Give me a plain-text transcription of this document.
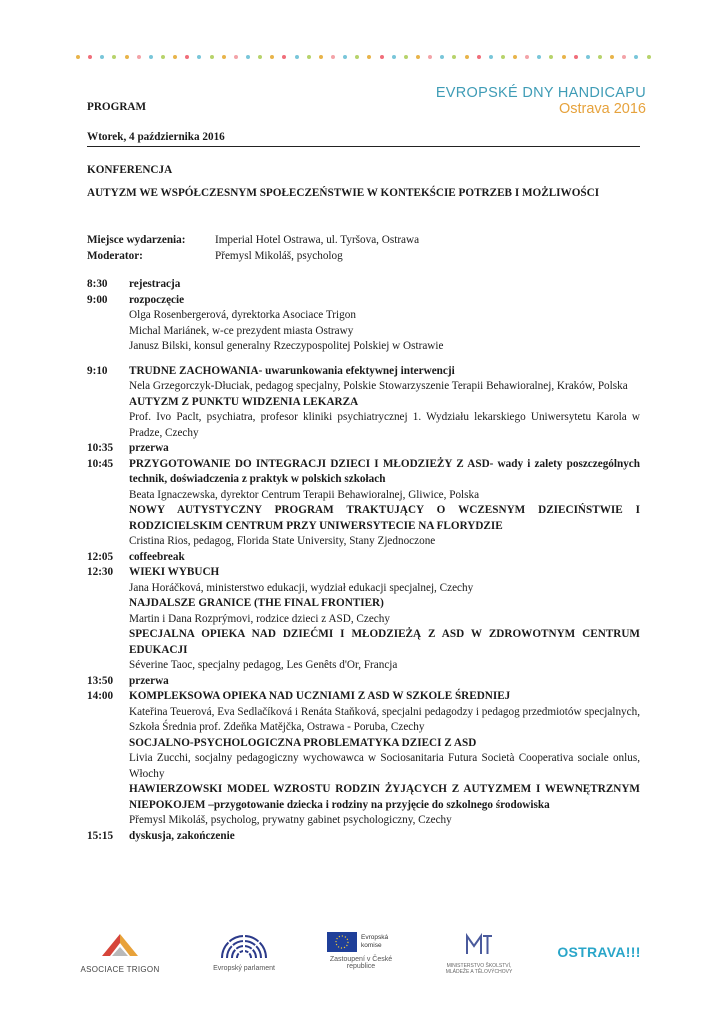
EVROPSKÉ DNY HANDICAPU
Ostrava 2016
PROGRAM
Wtorek, 4 października 2016
KONFERENCJA
AUTYZM WE WSPÓŁCZESNYM SPOŁECZEŃSTWIE W KONTEKŚCIE POTRZEB I MOŻLIWOŚCI
Miejsce wydarzenia:	Imperial Hotel Ostrawa, ul. Tyršova, Ostrawa
Moderator:	Přemysl Mikoláš, psycholog
8:30	rejestracja

9:00	rozpoczęcie

Olga Rosenbergerová, dyrektorka Asociace Trigon

Michal Mariánek, w-ce prezydent miasta Ostrawy

Janusz Bilski, konsul generalny Rzeczypospolitej Polskiej w Ostrawie

9:10	TRUDNE ZACHOWANIA- uwarunkowania efektywnej interwencji

Nela Grzegorczyk-Dłuciak, pedagog specjalny, Polskie Stowarzyszenie Terapii Behawioralnej, Kraków, Polska

AUTYZM Z PUNKTU WIDZENIA LEKARZA

Prof. Ivo Paclt, psychiatra, profesor kliniki psychiatrycznej 1. Wydziału lekarskiego Uniwersytetu Karola w Pradze, Czechy

10:35	przerwa

10:45	PRZYGOTOWANIE DO INTEGRACJI DZIECI I MŁODZIEŻY Z ASD- wady i zalety poszczególnych technik, doświadczenia z praktyk w polskich szkołach

Beata Ignaczewska, dyrektor Centrum Terapii Behawioralnej, Gliwice, Polska

NOWY AUTYSTYCZNY PROGRAM TRAKTUJĄCY O WCZESNYM DZIECIŃSTWIE I RODZICIELSKIM CENTRUM PRZY UNIWERSYTECIE NA FLORYDZIE

Cristina Rios, pedagog, Florida State University, Stany Zjednoczone

12:05	coffeebreak

12:30	WIEKI WYBUCH

Jana Horáčková, ministerstwo edukacji, wydział edukacji specjalnej, Czechy

NAJDALSZE GRANICE (THE FINAL FRONTIER)

Martin i Dana Rozprýmovi, rodzice dzieci z ASD, Czechy

SPECJALNA OPIEKA NAD DZIEĆMI I MŁODZIEŻĄ Z ASD W ZDROWOTNYM CENTRUM EDUKACJI

Séverine Taoc, specjalny pedagog, Les Genêts d'Or, Francja

13:50	przerwa

14:00	KOMPLEKSOWA OPIEKA NAD UCZNIAMI Z ASD W SZKOLE ŚREDNIEJ

Kateřina Teuerová, Eva Sedlačíková i Renáta Staňková, specjalni pedagodzy i pedagog przedmiotów specjalnych, Szkoła Średnia prof. Zdeňka Matějčka, Ostrawa - Poruba, Czechy

SOCJALNO-PSYCHOLOGICZNA PROBLEMATYKA DZIECI Z ASD

Livia Zucchi, socjalny pedagogiczny wychowawca w Sociosanitaria Futura Società Cooperativa sociale onlus, Włochy

HAWIERZOWSKI MODEL WZROSTU RODZIN ŻYJĄCYCH Z AUTYZMEM I WEWNĘTRZNYM NIEPOKOJEM –przygotowanie dziecka i rodziny na przyjęcie do szkolnego środowiska

Přemysl Mikoláš, psycholog, prywatny gabinet psychologiczny, Czechy

15:15	dyskusja, zakończenie

ASOCIACE TRIGON	Evropský parlament
Evropská komise
Zastoupení v České republice	MINISTERSTVO ŠKOLSTVÍ, MLÁDEŽE A TĚLOVÝCHOVY
OSTRAVA!!!
